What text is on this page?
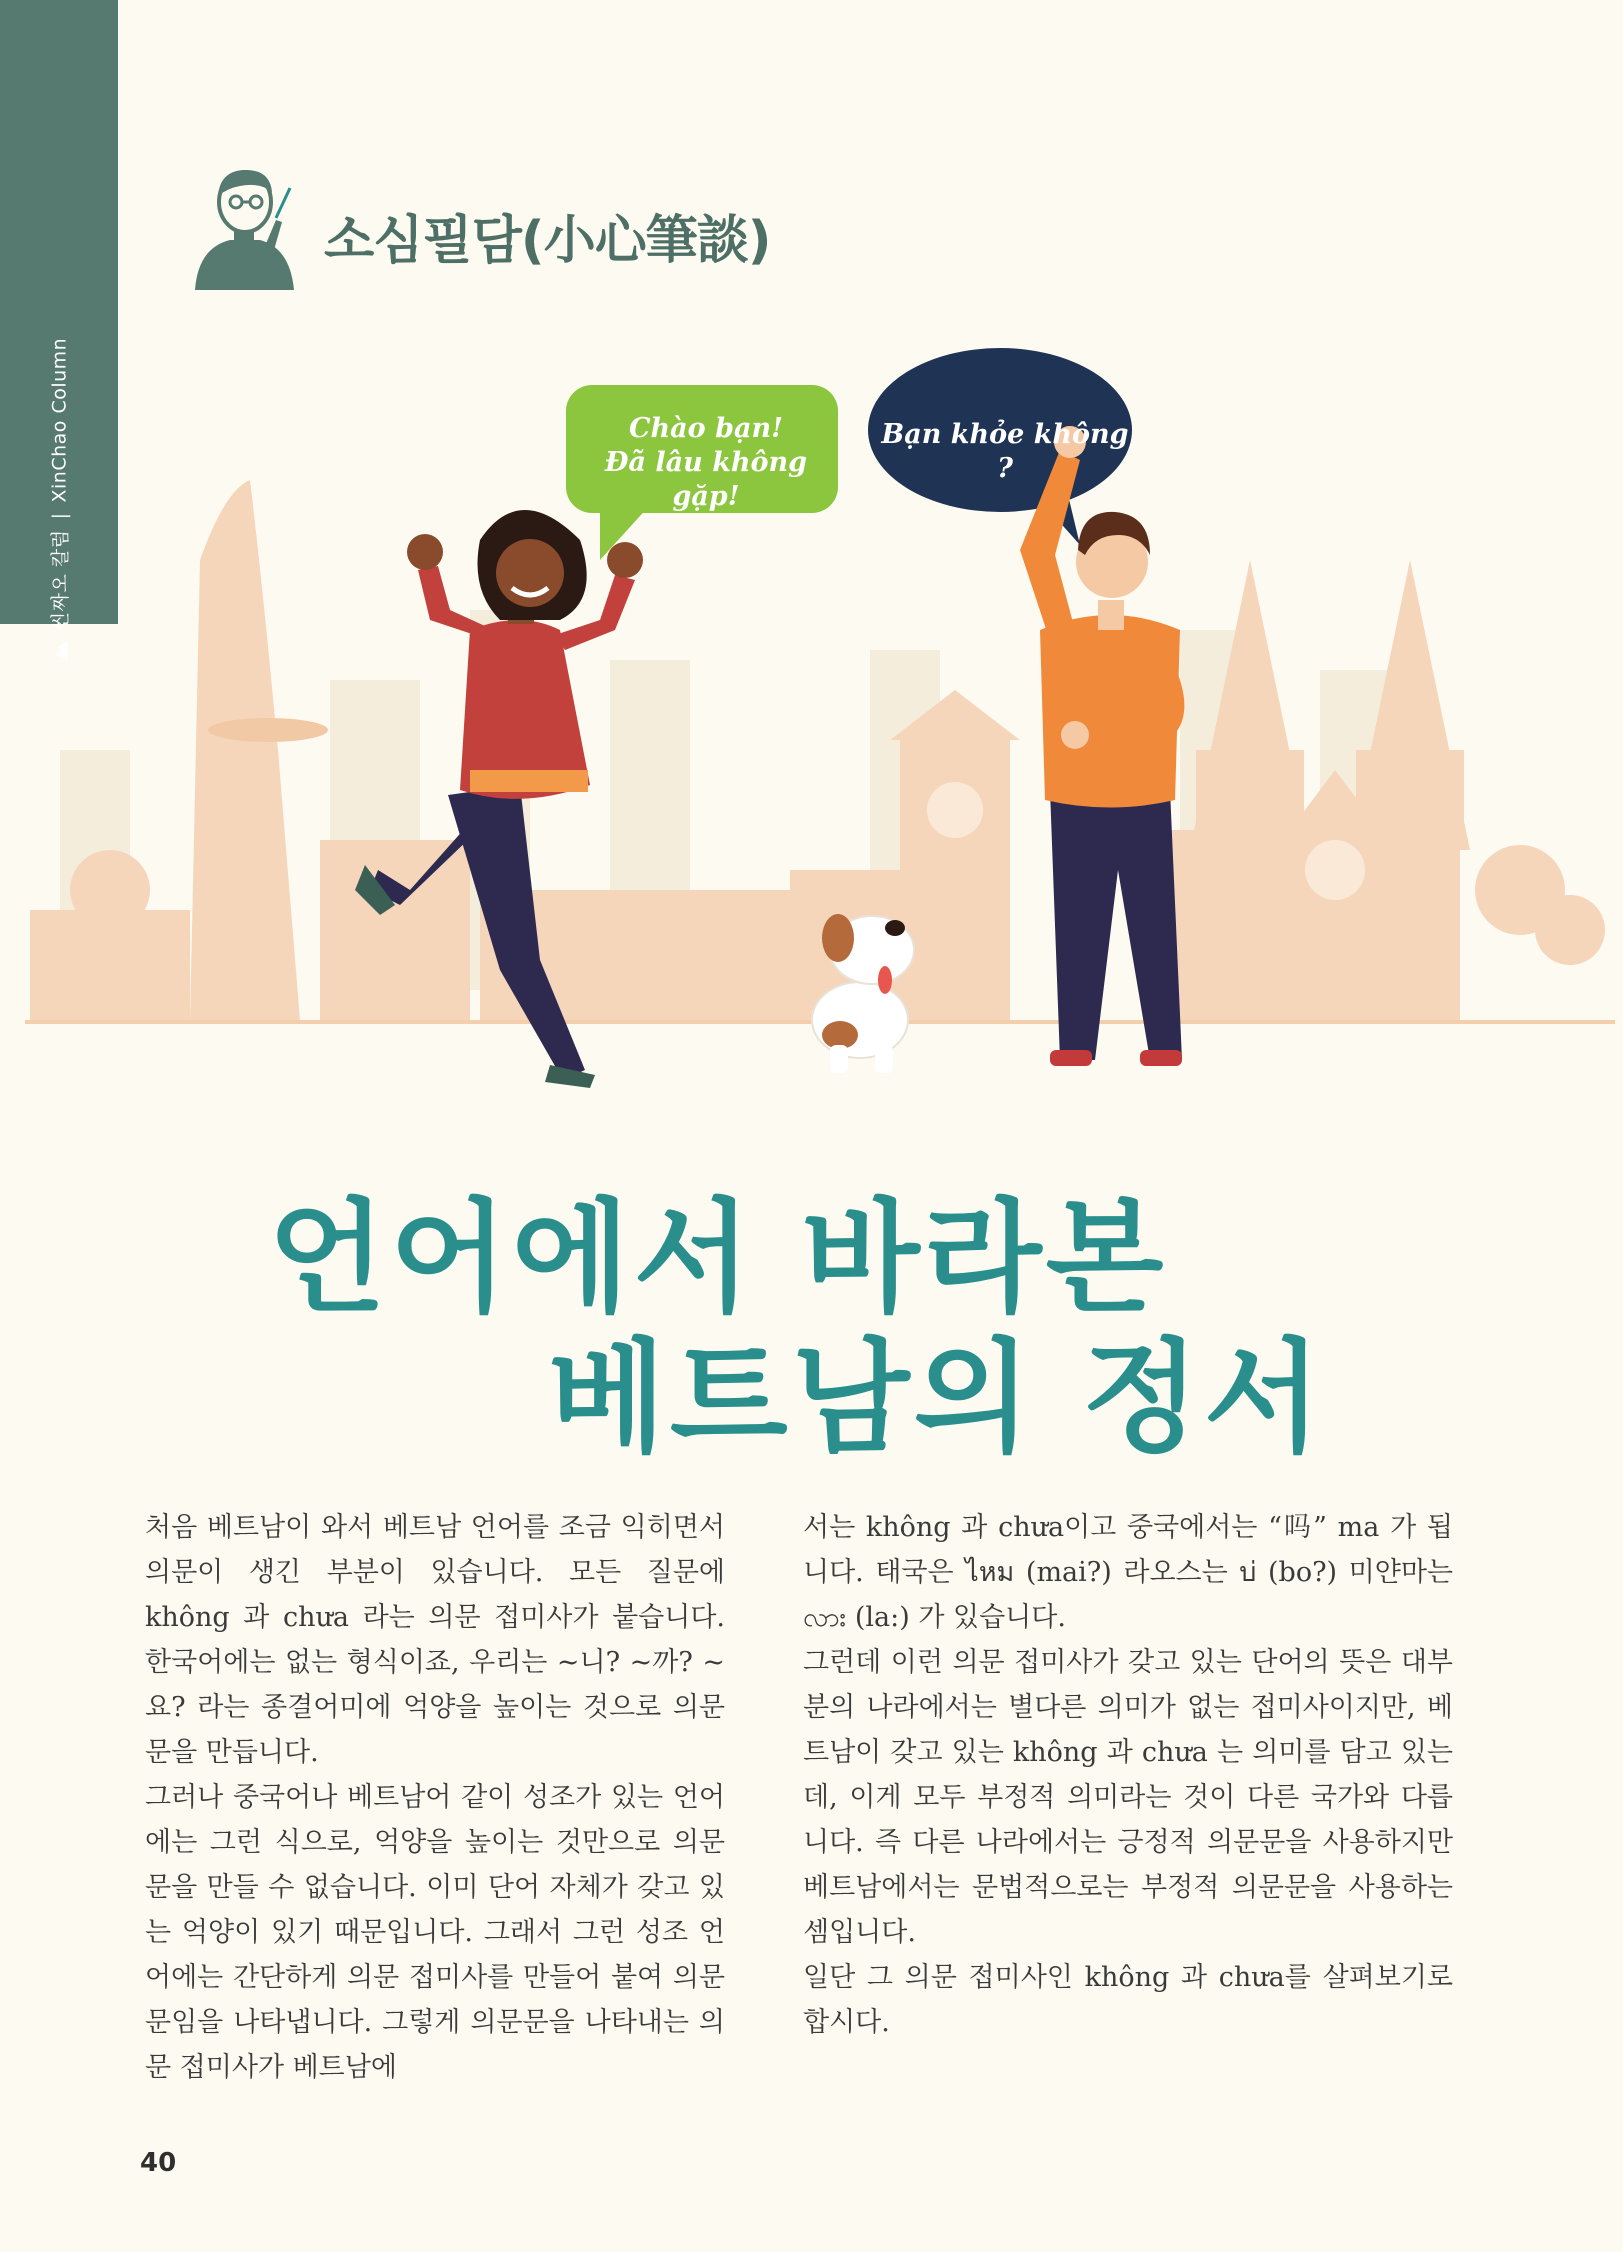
씬짜오 칼럼
|
XinChao Column
소심필담(小心筆談)
Chào bạn!
Đã lâu không gặp!
Bạn khỏe không ?
언어에서 바라본
베트남의 정서

처음 베트남이 와서 베트남 언어를 조금 익히면서 의문이 생긴 부분이 있습니다. 모든 질문에 không 과 chưa 라는 의문 접미사가 붙습니다. 한국어에는 없는 형식이죠, 우리는 ~니? ~까? ~요? 라는 종결어미에 억양을 높이는 것으로 의문문을 만듭니다.

그러나 중국어나 베트남어 같이 성조가 있는 언어에는 그런 식으로, 억양을 높이는 것만으로 의문문을 만들 수 없습니다. 이미 단어 자체가 갖고 있는 억양이 있기 때문입니다. 그래서 그런 성조 언어에는 간단하게 의문 접미사를 만들어 붙여 의문문임을 나타냅니다. 그렇게 의문문을 나타내는 의문 접미사가 베트남에

서는 không 과 chưa이고 중국에서는 “吗” ma 가 됩니다. 태국은 ไหม (mai?) 라오스는 บ่ (bo?) 미얀마는 လား (la:) 가 있습니다.

그런데 이런 의문 접미사가 갖고 있는 단어의 뜻은 대부분의 나라에서는 별다른 의미가 없는 접미사이지만, 베트남이 갖고 있는 không 과 chưa 는 의미를 담고 있는데, 이게 모두 부정적 의미라는 것이 다른 국가와 다릅니다. 즉 다른 나라에서는 긍정적 의문문을 사용하지만 베트남에서는 문법적으로는 부정적 의문문을 사용하는 셈입니다.

일단 그 의문 접미사인 không 과 chưa를 살펴보기로 합시다.

40
